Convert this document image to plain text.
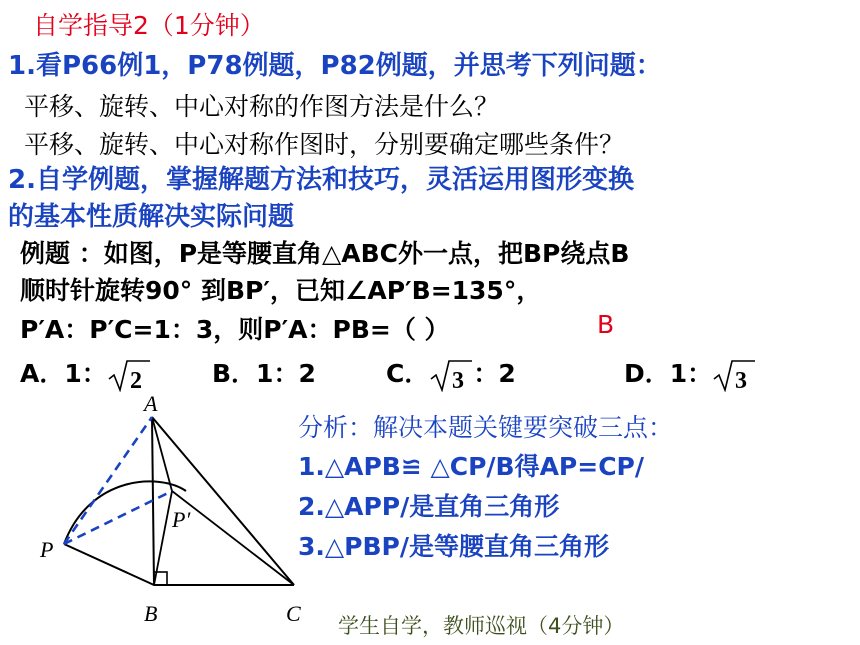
自学指导2（1分钟）
1.看P66例1，P78例题，P82例题，并思考下列问题：
平移、旋转、中心对称的作图方法是什么？
平移、旋转、中心对称作图时，分别要确定哪些条件？
2.自学例题，掌握解题方法和技巧，灵活运用图形变换
的基本性质解决实际问题
例题 ：如图，P是等腰直角△ABC外一点，把BP绕点B
顺时针旋转90° 到BP′，已知∠AP′B=135°，
P′A：P′C=1：3，则P′A：PB=（ ）	B
A．1： 2	B．1：2	C． 3 ：2	D．1： 3
A
B	C
P
P′
分析：解决本题关键要突破三点：
1.△APB≌ △CP/B得AP=CP/
2.△APP/是直角三角形
3.△PBP/是等腰直角三角形
学生自学，教师巡视（4分钟）
